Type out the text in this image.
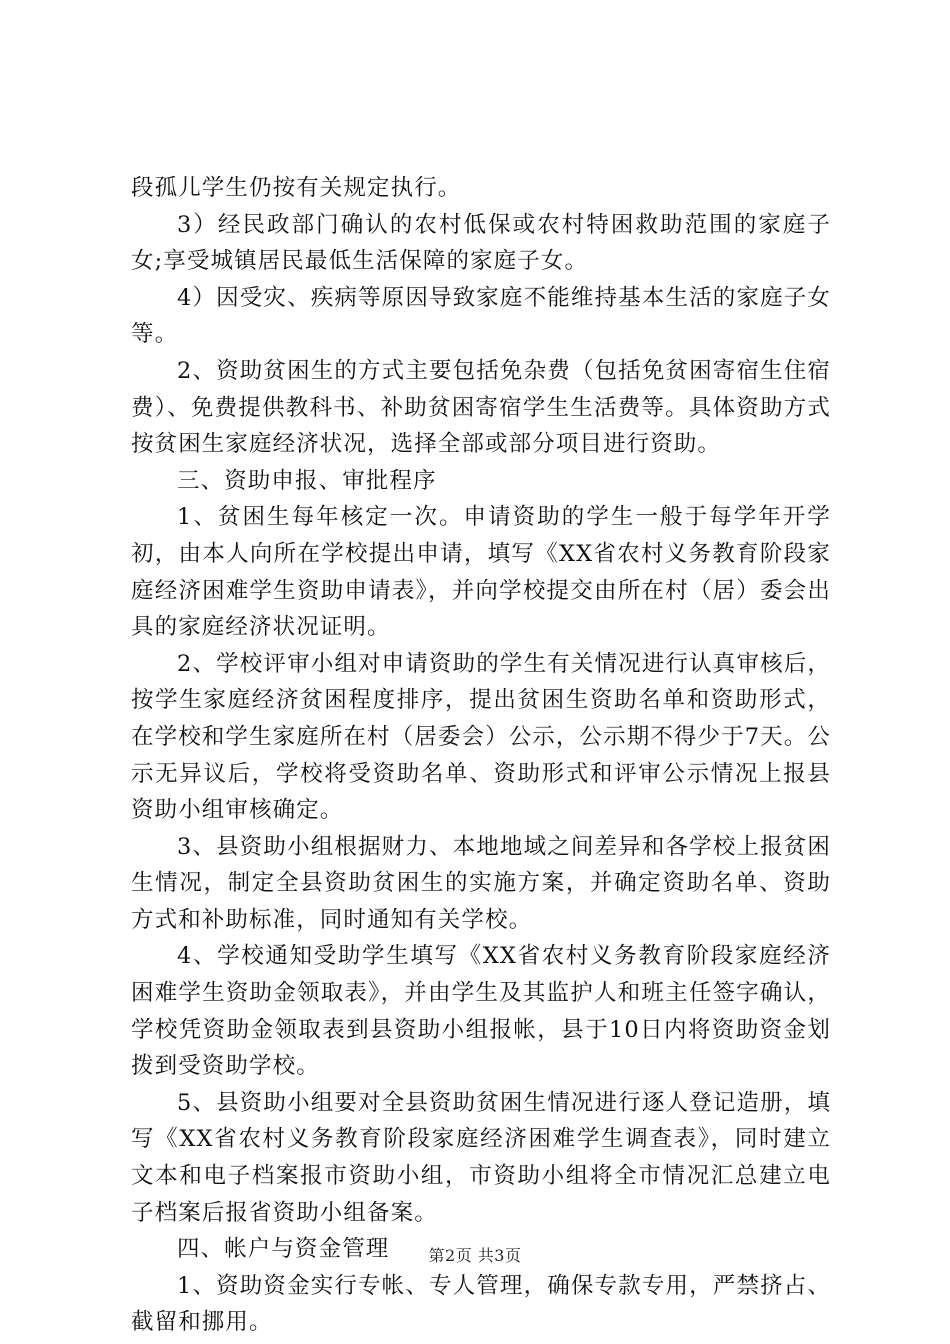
段孤儿学生仍按有关规定执行。

3）经民政部门确认的农村低保或农村特困救助范围的家庭子女;享受城镇居民最低生活保障的家庭子女。

4）因受灾、疾病等原因导致家庭不能维持基本生活的家庭子女等。

2、资助贫困生的方式主要包括免杂费（包括免贫困寄宿生住宿费）、免费提供教科书、补助贫困寄宿学生生活费等。具体资助方式按贫困生家庭经济状况，选择全部或部分项目进行资助。

三、资助申报、审批程序

1、贫困生每年核定一次。申请资助的学生一般于每学年开学初，由本人向所在学校提出申请，填写《XX省农村义务教育阶段家庭经济困难学生资助申请表》，并向学校提交由所在村（居）委会出具的家庭经济状况证明。

2、学校评审小组对申请资助的学生有关情况进行认真审核后，按学生家庭经济贫困程度排序，提出贫困生资助名单和资助形式，在学校和学生家庭所在村（居委会）公示，公示期不得少于7天。公示无异议后，学校将受资助名单、资助形式和评审公示情况上报县资助小组审核确定。

3、县资助小组根据财力、本地地域之间差异和各学校上报贫困生情况，制定全县资助贫困生的实施方案，并确定资助名单、资助方式和补助标准，同时通知有关学校。

4、学校通知受助学生填写《XX省农村义务教育阶段家庭经济困难学生资助金领取表》，并由学生及其监护人和班主任签字确认，学校凭资助金领取表到县资助小组报帐，县于10日内将资助资金划拨到受资助学校。

5、县资助小组要对全县资助贫困生情况进行逐人登记造册，填写《XX省农村义务教育阶段家庭经济困难学生调查表》，同时建立文本和电子档案报市资助小组，市资助小组将全市情况汇总建立电子档案后报省资助小组备案。

四、帐户与资金管理

1、资助资金实行专帐、专人管理，确保专款专用，严禁挤占、截留和挪用。

第2页 共3页
